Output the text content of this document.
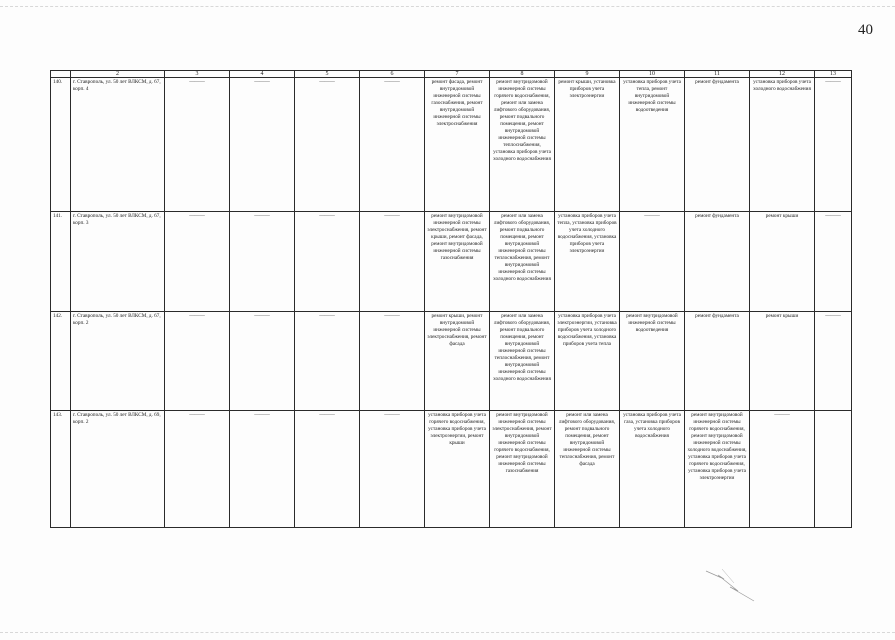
40
	2	3	4	5	6	7	8	9	10	11	12	13
140.	г. Ставрополь, ул. 50 лет ВЛКСМ, д. 67, корп. 4	———	———	———	———	ремонт фасада, ремонт внутридомовой инженерной системы газоснабжения, ремонт внутридомовой инженерной системы электроснабжения	ремонт внутридомовой инженерной системы горячего водоснабжения, ремонт или замена лифтового оборудования, ремонт подвального помещения, ремонт внутридомовой инженерной системы теплоснабжения, установка приборов учета холодного водоснабжения	ремонт крыши, установка приборов учета электроэнергии	установка приборов учета тепла, ремонт внутридомовой инженерной системы водоотведения	ремонт фундамента	установка приборов учета холодного водоснабжения	———
141.	г. Ставрополь, ул. 50 лет ВЛКСМ, д. 67, корп. 3	———	———	———	———	ремонт внутридомовой инженерной системы электроснабжения, ремонт крыши, ремонт фасада, ремонт внутридомовой инженерной системы газоснабжения	ремонт или замена лифтового оборудования, ремонт подвального помещения, ремонт внутридомовой инженерной системы теплоснабжения, ремонт внутридомовой инженерной системы холодного водоснабжения	установка приборов учета тепла, установка приборов учета холодного водоснабжения, установка приборов учета электроэнергии	———	ремонт фундамента	ремонт крыши	———
142.	г. Ставрополь, ул. 50 лет ВЛКСМ, д. 67, корп. 2	———	———	———	———	ремонт крыши, ремонт внутридомовой инженерной системы электроснабжения, ремонт фасада	ремонт или замена лифтового оборудования, ремонт подвального помещения, ремонт внутридомовой инженерной системы теплоснабжения, ремонт внутридомовой инженерной системы холодного водоснабжения	установка приборов учета электроэнергии, установка приборов учета холодного водоснабжения, установка приборов учета тепла	ремонт внутридомовой инженерной системы водоотведения	ремонт фундамента	ремонт крыши	———
143.	г. Ставрополь, ул. 50 лет ВЛКСМ, д. 69, корп. 2	———	———	———	———	установка приборов учета горячего водоснабжения, установка приборов учета электроэнергии, ремонт крыши	ремонт внутридомовой инженерной системы электроснабжения, ремонт внутридомовой инженерной системы горячего водоснабжения, ремонт внутридомовой инженерной системы газоснабжения	ремонт или замена лифтового оборудования, ремонт подвального помещения, ремонт внутридомовой инженерной системы теплоснабжения, ремонт фасада	установка приборов учета газа, установка приборов учета холодного водоснабжения	ремонт внутридомовой инженерной системы горячего водоснабжения, ремонт внутридомовой инженерной системы холодного водоснабжения, установка приборов учета горячего водоснабжения, установка приборов учета электроэнергии	———	
